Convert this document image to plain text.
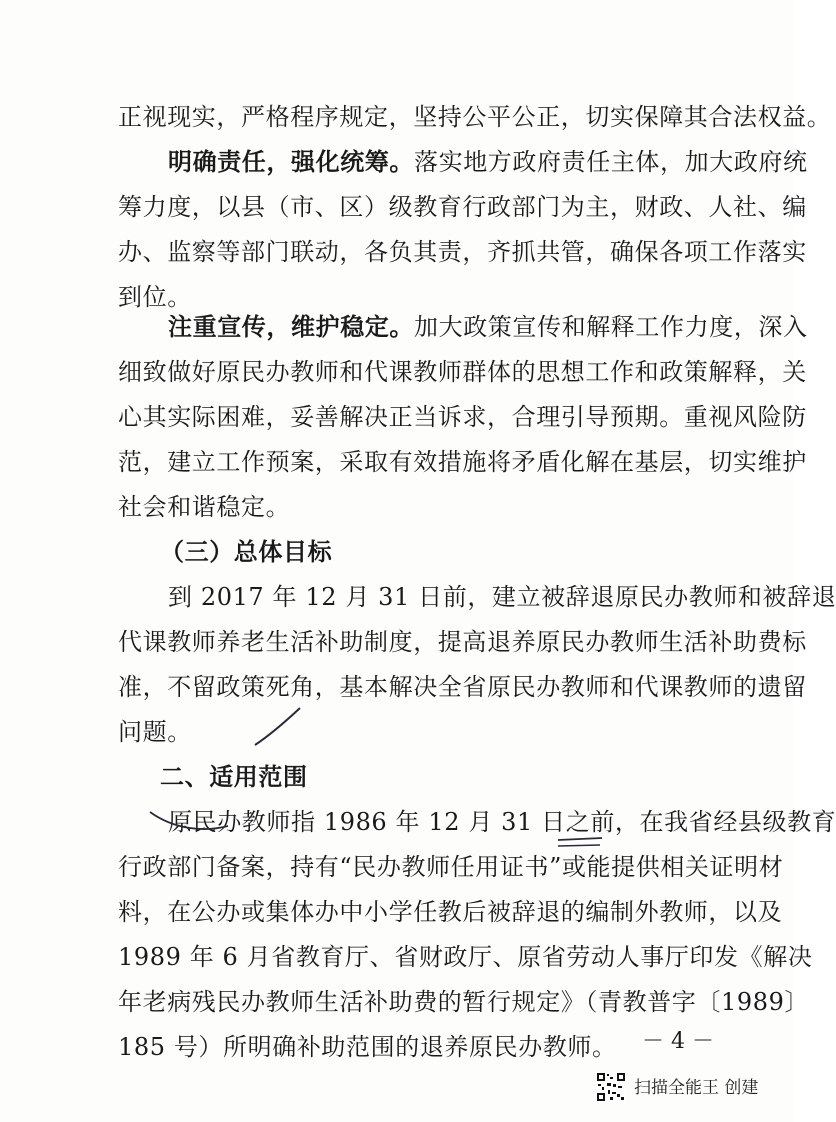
正视现实，严格程序规定，坚持公平公正，切实保障其合法权益。
明确责任，强化统筹。落实地方政府责任主体，加大政府统
筹力度，以县（市、区）级教育行政部门为主，财政、人社、编
办、监察等部门联动，各负其责，齐抓共管，确保各项工作落实
到位。
注重宣传，维护稳定。加大政策宣传和解释工作力度，深入
细致做好原民办教师和代课教师群体的思想工作和政策解释，关
心其实际困难，妥善解决正当诉求，合理引导预期。重视风险防
范，建立工作预案，采取有效措施将矛盾化解在基层，切实维护
社会和谐稳定。
（三）总体目标
到 2017 年 12 月 31 日前，建立被辞退原民办教师和被辞退
代课教师养老生活补助制度，提高退养原民办教师生活补助费标
准，不留政策死角，基本解决全省原民办教师和代课教师的遗留
问题。
二、适用范围
原民办教师指 1986 年 12 月 31 日之前，在我省经县级教育
行政部门备案，持有“民办教师任用证书”或能提供相关证明材
料，在公办或集体办中小学任教后被辞退的编制外教师，以及
1989 年 6 月省教育厅、省财政厅、原省劳动人事厅印发《解决
年老病残民办教师生活补助费的暂行规定》（青教普字〔1989〕
185 号）所明确补助范围的退养原民办教师。 － 4 －
扫描全能王 创建
